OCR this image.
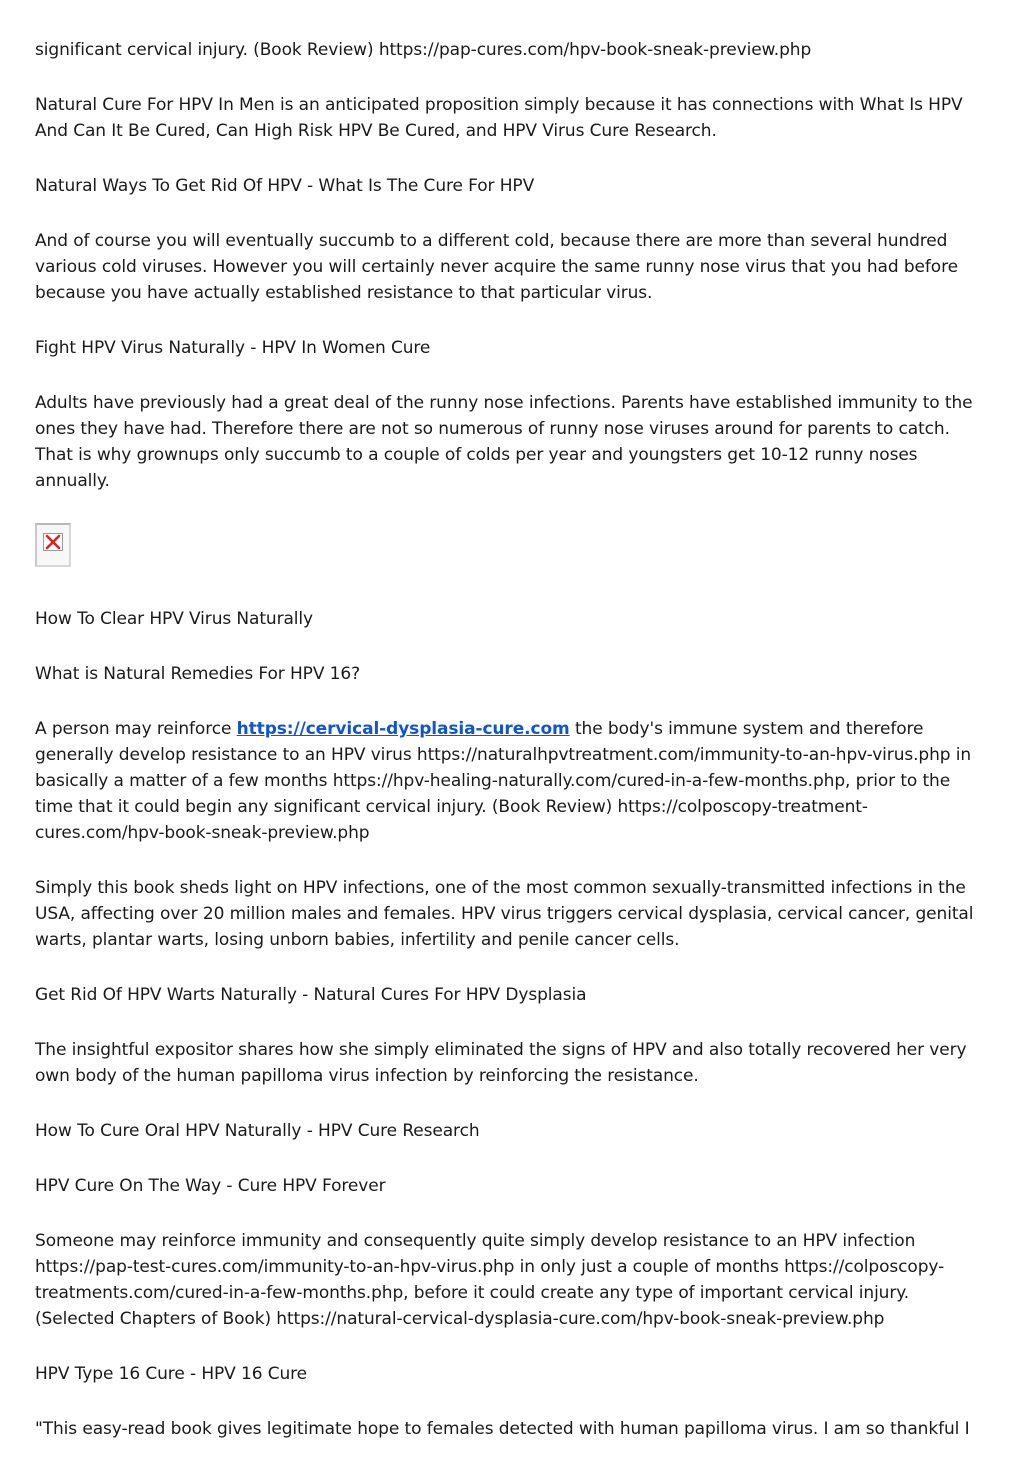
significant cervical injury. (Book Review) https://pap-cures.com/hpv-book-sneak-preview.php

Natural Cure For HPV In Men is an anticipated proposition simply because it has connections with What Is HPV And Can It Be Cured, Can High Risk HPV Be Cured, and HPV Virus Cure Research.

Natural Ways To Get Rid Of HPV - What Is The Cure For HPV

And of course you will eventually succumb to a different cold, because there are more than several hundred various cold viruses. However you will certainly never acquire the same runny nose virus that you had before because you have actually established resistance to that particular virus.

Fight HPV Virus Naturally - HPV In Women Cure

Adults have previously had a great deal of the runny nose infections. Parents have established immunity to the ones they have had. Therefore there are not so numerous of runny nose viruses around for parents to catch. That is why grownups only succumb to a couple of colds per year and youngsters get 10-12 runny noses annually.

How To Clear HPV Virus Naturally

What is Natural Remedies For HPV 16?

A person may reinforce https://cervical-dysplasia-cure.com the body's immune system and therefore generally develop resistance to an HPV virus https://naturalhpvtreatment.com/immunity-to-an-hpv-virus.php in basically a matter of a few months https://hpv-healing-naturally.com/cured-in-a-few-months.php, prior to the time that it could begin any significant cervical injury. (Book Review) https://colposcopy-treatment-cures.com/hpv-book-sneak-preview.php

Simply this book sheds light on HPV infections, one of the most common sexually-transmitted infections in the USA, affecting over 20 million males and females. HPV virus triggers cervical dysplasia, cervical cancer, genital warts, plantar warts, losing unborn babies, infertility and penile cancer cells.

Get Rid Of HPV Warts Naturally - Natural Cures For HPV Dysplasia

The insightful expositor shares how she simply eliminated the signs of HPV and also totally recovered her very own body of the human papilloma virus infection by reinforcing the resistance.

How To Cure Oral HPV Naturally - HPV Cure Research

HPV Cure On The Way - Cure HPV Forever

Someone may reinforce immunity and consequently quite simply develop resistance to an HPV infection https://pap-test-cures.com/immunity-to-an-hpv-virus.php in only just a couple of months https://colposcopy-treatments.com/cured-in-a-few-months.php, before it could create any type of important cervical injury. (Selected Chapters of Book) https://natural-cervical-dysplasia-cure.com/hpv-book-sneak-preview.php

HPV Type 16 Cure - HPV 16 Cure

"This easy-read book gives legitimate hope to females detected with human papilloma virus. I am so thankful I
